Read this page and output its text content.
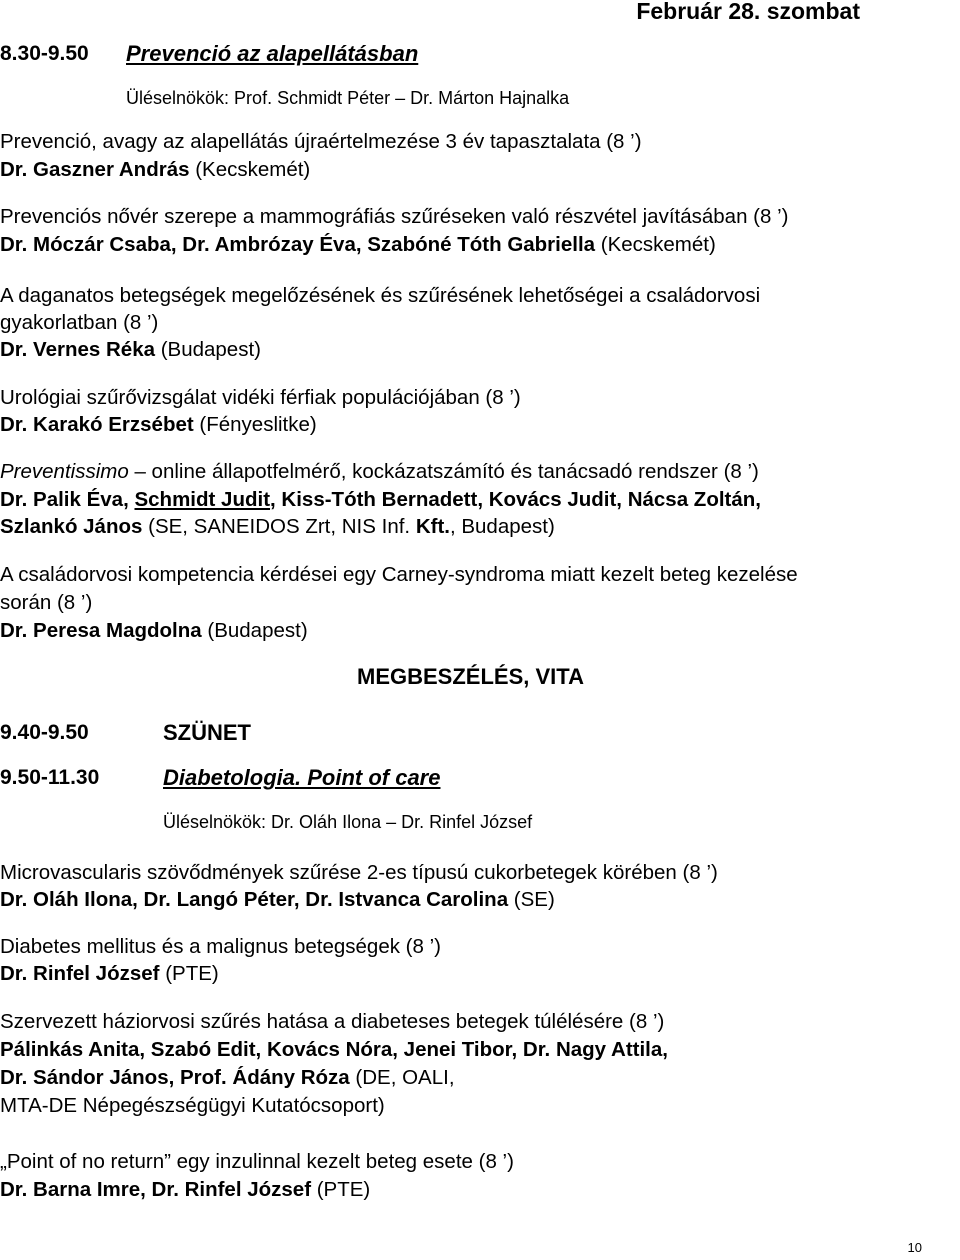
Február 28. szombat
8.30-9.50 Prevenció az alapellátásban
Üléselnökök: Prof. Schmidt Péter – Dr. Márton Hajnalka
Prevenció, avagy az alapellátás újraértelmezése 3 év tapasztalata (8 ’)
Dr. Gaszner András (Kecskemét)
Prevenciós nővér szerepe a mammográfiás szűréseken való részvétel javításában (8 ’)
Dr. Móczár Csaba, Dr. Ambrózay Éva, Szabóné Tóth Gabriella (Kecskemét)
A daganatos betegségek megelőzésének és szűrésének lehetőségei a családorvosi
gyakorlatban (8 ’)
Dr. Vernes Réka (Budapest)
Urológiai szűrővizsgálat vidéki férfiak populációjában (8 ’)
Dr. Karakó Erzsébet (Fényeslitke)
Preventissimo – online állapotfelmérő, kockázatszámító és tanácsadó rendszer (8 ’)
Dr. Palik Éva, Schmidt Judit, Kiss-Tóth Bernadett, Kovács Judit, Nácsa Zoltán,
Szlankó János (SE, SANEIDOS Zrt, NIS Inf. Kft., Budapest)
A családorvosi kompetencia kérdései egy Carney-syndroma miatt kezelt beteg kezelése
során (8 ’)
Dr. Peresa Magdolna (Budapest)
MEGBESZÉLÉS, VITA
9.40-9.50	SZÜNET
9.50-11.30	Diabetologia. Point of care
Üléselnökök: Dr. Oláh Ilona – Dr. Rinfel József
Microvascularis szövődmények szűrése 2-es típusú cukorbetegek körében (8 ’)
Dr. Oláh Ilona, Dr. Langó Péter, Dr. Istvanca Carolina (SE)
Diabetes mellitus és a malignus betegségek (8 ’)
Dr. Rinfel József (PTE)
Szervezett háziorvosi szűrés hatása a diabeteses betegek túlélésére (8 ’)
Pálinkás Anita, Szabó Edit, Kovács Nóra, Jenei Tibor, Dr. Nagy Attila,
Dr. Sándor János, Prof. Ádány Róza (DE, OALI,
MTA-DE Népegészségügyi Kutatócsoport)
„Point of no return” egy inzulinnal kezelt beteg esete (8 ’)
Dr. Barna Imre, Dr. Rinfel József (PTE)
10
